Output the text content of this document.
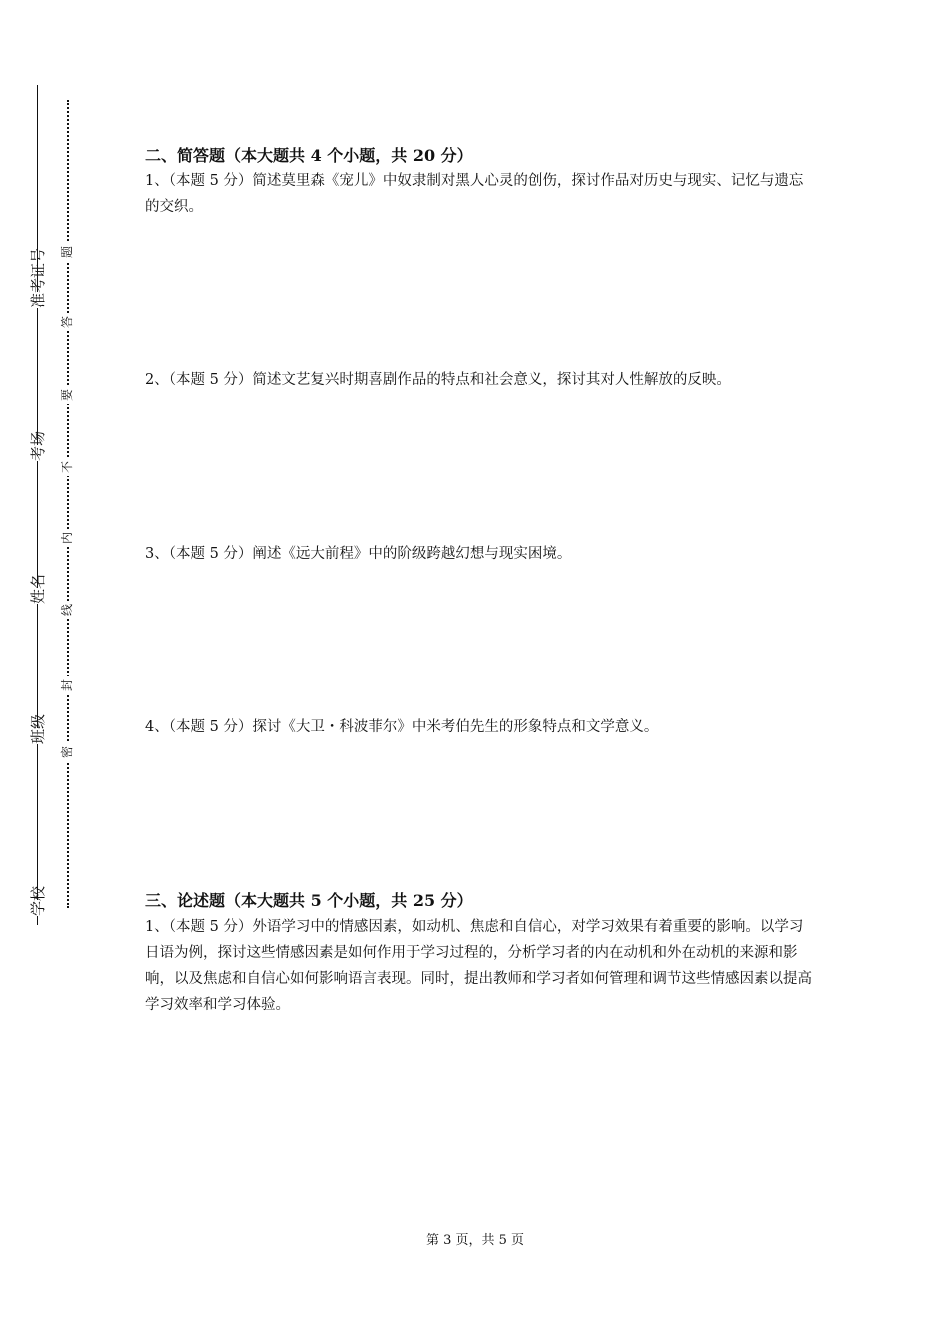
准考证号
考场
姓名
班级
学校
密
封
线
内
不
要
答
题
二、简答题（本大题共 4 个小题，共 20 分）
1、（本题 5 分）简述莫里森《宠儿》中奴隶制对黑人心灵的创伤，探讨作品对历史与现实、记忆与遗忘的交织。
2、（本题 5 分）简述文艺复兴时期喜剧作品的特点和社会意义，探讨其对人性解放的反映。
3、（本题 5 分）阐述《远大前程》中的阶级跨越幻想与现实困境。
4、（本题 5 分）探讨《大卫・科波菲尔》中米考伯先生的形象特点和文学意义。
三、论述题（本大题共 5 个小题，共 25 分）
1、（本题 5 分）外语学习中的情感因素，如动机、焦虑和自信心，对学习效果有着重要的影响。以学习日语为例，探讨这些情感因素是如何作用于学习过程的，分析学习者的内在动机和外在动机的来源和影响，以及焦虑和自信心如何影响语言表现。同时，提出教师和学习者如何管理和调节这些情感因素以提高学习效率和学习体验。
第 3 页，共 5 页
